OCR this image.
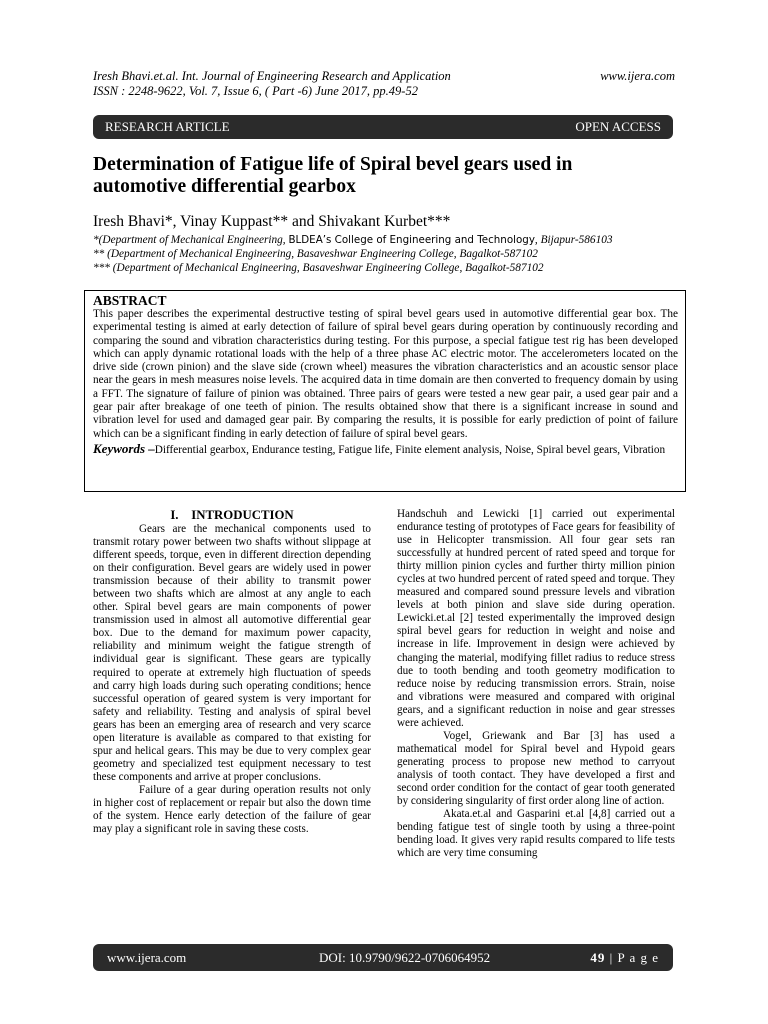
Iresh Bhavi.et.al. Int. Journal of Engineering Research and Application
ISSN : 2248-9622, Vol. 7, Issue 6, ( Part -6) June 2017, pp.49-52
www.ijera.com
RESEARCH ARTICLE	OPEN ACCESS
Determination of Fatigue life of Spiral bevel gears used in
automotive differential gearbox
Iresh Bhavi*, Vinay Kuppast** and Shivakant Kurbet***
*(Department of Mechanical Engineering, BLDEA’s College of Engineering and Technology, Bijapur-586103
** (Department of Mechanical Engineering, Basaveshwar Engineering College, Bagalkot-587102
*** (Department of Mechanical Engineering, Basaveshwar Engineering College, Bagalkot-587102
ABSTRACT
This paper describes the experimental destructive testing of spiral bevel gears used in automotive differential gear box. The experimental testing is aimed at early detection of failure of spiral bevel gears during operation by continuously recording and comparing the sound and vibration characteristics during testing. For this purpose, a special fatigue test rig has been developed which can apply dynamic rotational loads with the help of a three phase AC electric motor. The accelerometers located on the drive side (crown pinion) and the slave side (crown wheel) measures the vibration characteristics and an acoustic sensor place near the gears in mesh measures noise levels. The acquired data in time domain are then converted to frequency domain by using a FFT. The signature of failure of pinion was obtained. Three pairs of gears were tested a new gear pair, a used gear pair and a gear pair after breakage of one teeth of pinion. The results obtained show that there is a significant increase in sound and vibration level for used and damaged gear pair. By comparing the results, it is possible for early prediction of point of failure which can be a significant finding in early detection of failure of spiral bevel gears.
Keywords –Differential gearbox, Endurance testing, Fatigue life, Finite element analysis, Noise, Spiral bevel gears, Vibration
I.    INTRODUCTION

Gears are the mechanical components used to transmit rotary power between two shafts without slippage at different speeds, torque, even in different direction depending on their configuration. Bevel gears are widely used in power transmission because of their ability to transmit power between two shafts which are almost at any angle to each other. Spiral bevel gears are main components of power transmission used in almost all automotive differential gear box. Due to the demand for maximum power capacity, reliability and minimum weight the fatigue strength of individual gear is significant. These gears are typically required to operate at extremely high fluctuation of speeds and carry high loads during such operating conditions; hence successful operation of geared system is very important for safety and reliability. Testing and analysis of spiral bevel gears has been an emerging area of research and very scarce open literature is available as compared to that existing for spur and helical gears. This may be due to very complex gear geometry and specialized test equipment necessary to test these components and arrive at proper conclusions.

Failure of a gear during operation results not only in higher cost of replacement or repair but also the down time of the system. Hence early detection of the failure of gear may play a significant role in saving these costs.

Handschuh and Lewicki [1] carried out experimental endurance testing of prototypes of Face gears for feasibility of use in Helicopter transmission. All four gear sets ran successfully at hundred percent of rated speed and torque for thirty million pinion cycles and further thirty million pinion cycles at two hundred percent of rated speed and torque. They measured and compared sound pressure levels and vibration levels at both pinion and slave side during operation. Lewicki.et.al [2] tested experimentally the improved design spiral bevel gears for reduction in weight and noise and increase in life. Improvement in design were achieved by changing the material, modifying fillet radius to reduce stress due to tooth bending and tooth geometry modification to reduce noise by reducing transmission errors. Strain, noise and vibrations were measured and compared with original gears, and a significant reduction in noise and gear stresses were achieved.

Vogel, Griewank and Bar [3] has used a mathematical model for Spiral bevel and Hypoid gears generating process to propose new method to carryout analysis of tooth contact. They have developed a first and second order condition for the contact of gear tooth generated by considering singularity of first order along line of action.

Akata.et.al and Gasparini et.al [4,8] carried out a bending fatigue test of single tooth by using a three-point bending load. It gives very rapid results compared to life tests which are very time consuming

www.ijera.com	DOI: 10.9790/9622-0706064952	49 | P a g e
